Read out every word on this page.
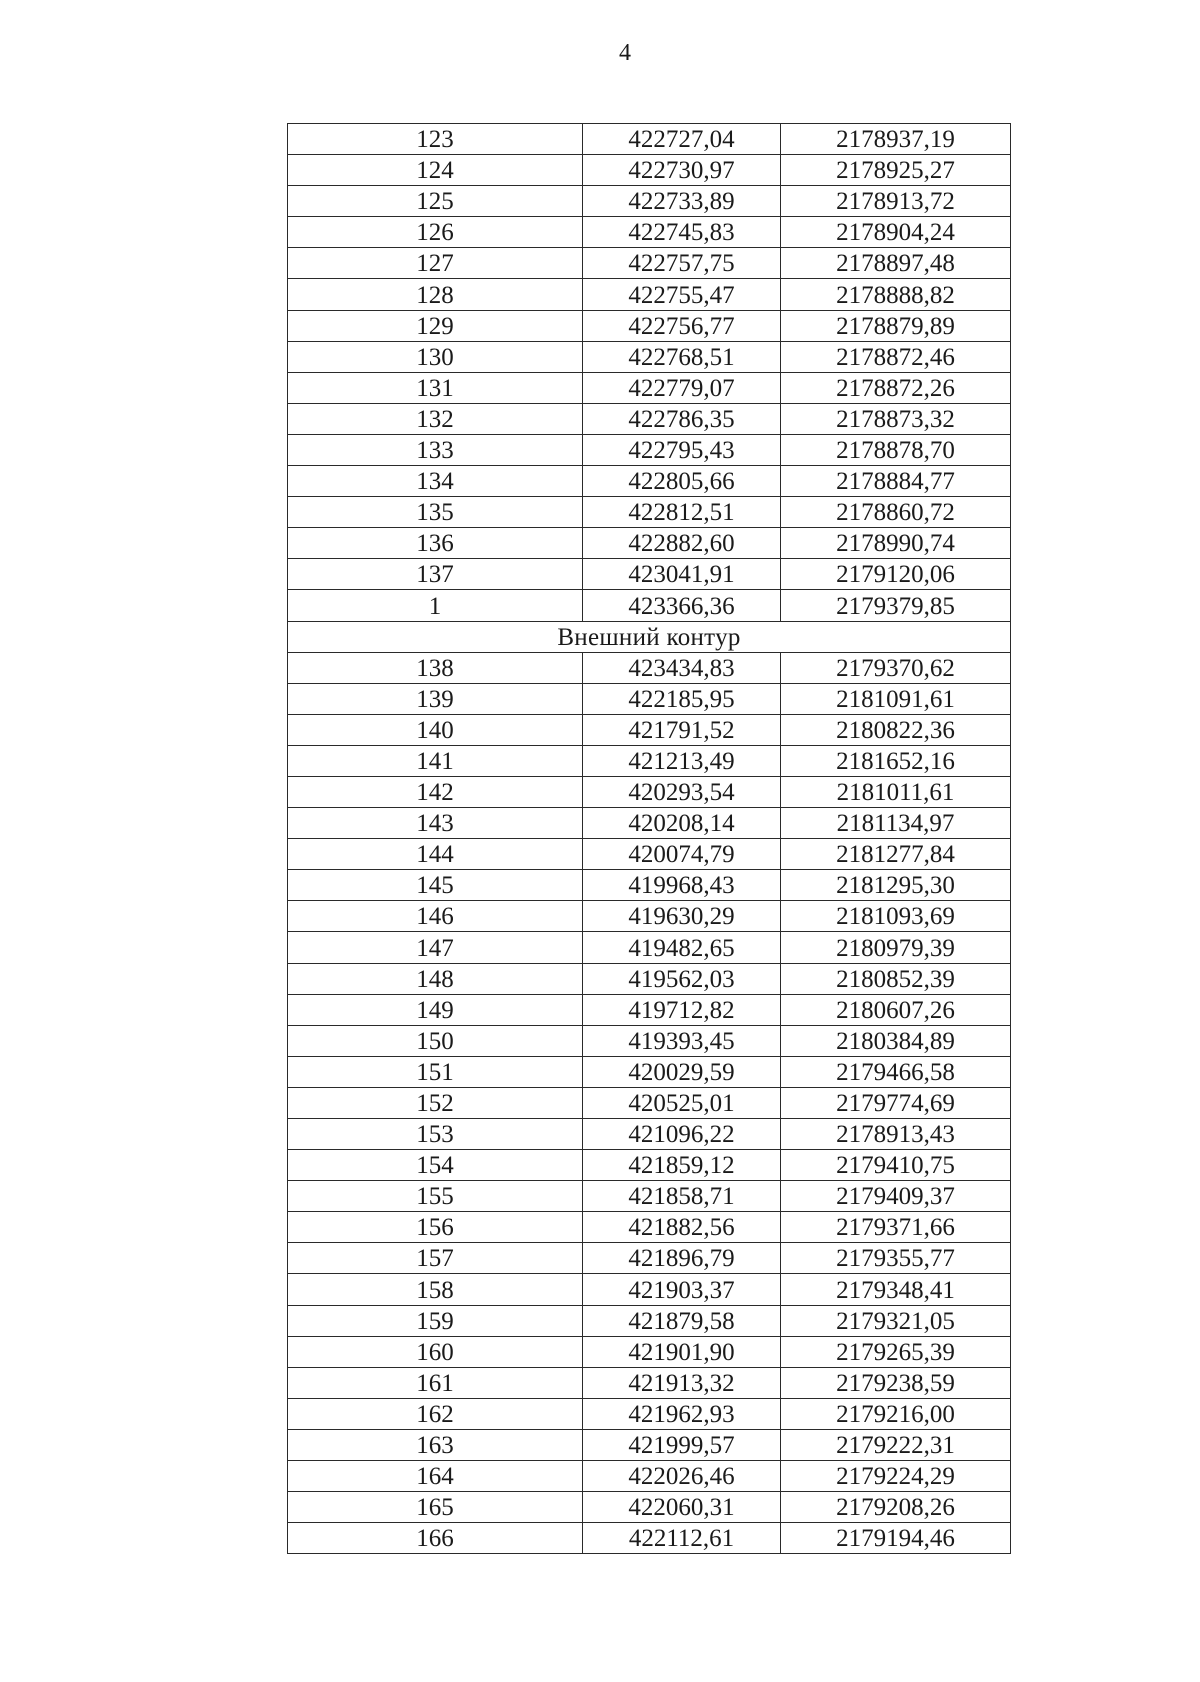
4
123	422727,04	2178937,19
124	422730,97	2178925,27
125	422733,89	2178913,72
126	422745,83	2178904,24
127	422757,75	2178897,48
128	422755,47	2178888,82
129	422756,77	2178879,89
130	422768,51	2178872,46
131	422779,07	2178872,26
132	422786,35	2178873,32
133	422795,43	2178878,70
134	422805,66	2178884,77
135	422812,51	2178860,72
136	422882,60	2178990,74
137	423041,91	2179120,06
1	423366,36	2179379,85
Внешний контур		
138	423434,83	2179370,62
139	422185,95	2181091,61
140	421791,52	2180822,36
141	421213,49	2181652,16
142	420293,54	2181011,61
143	420208,14	2181134,97
144	420074,79	2181277,84
145	419968,43	2181295,30
146	419630,29	2181093,69
147	419482,65	2180979,39
148	419562,03	2180852,39
149	419712,82	2180607,26
150	419393,45	2180384,89
151	420029,59	2179466,58
152	420525,01	2179774,69
153	421096,22	2178913,43
154	421859,12	2179410,75
155	421858,71	2179409,37
156	421882,56	2179371,66
157	421896,79	2179355,77
158	421903,37	2179348,41
159	421879,58	2179321,05
160	421901,90	2179265,39
161	421913,32	2179238,59
162	421962,93	2179216,00
163	421999,57	2179222,31
164	422026,46	2179224,29
165	422060,31	2179208,26
166	422112,61	2179194,46
